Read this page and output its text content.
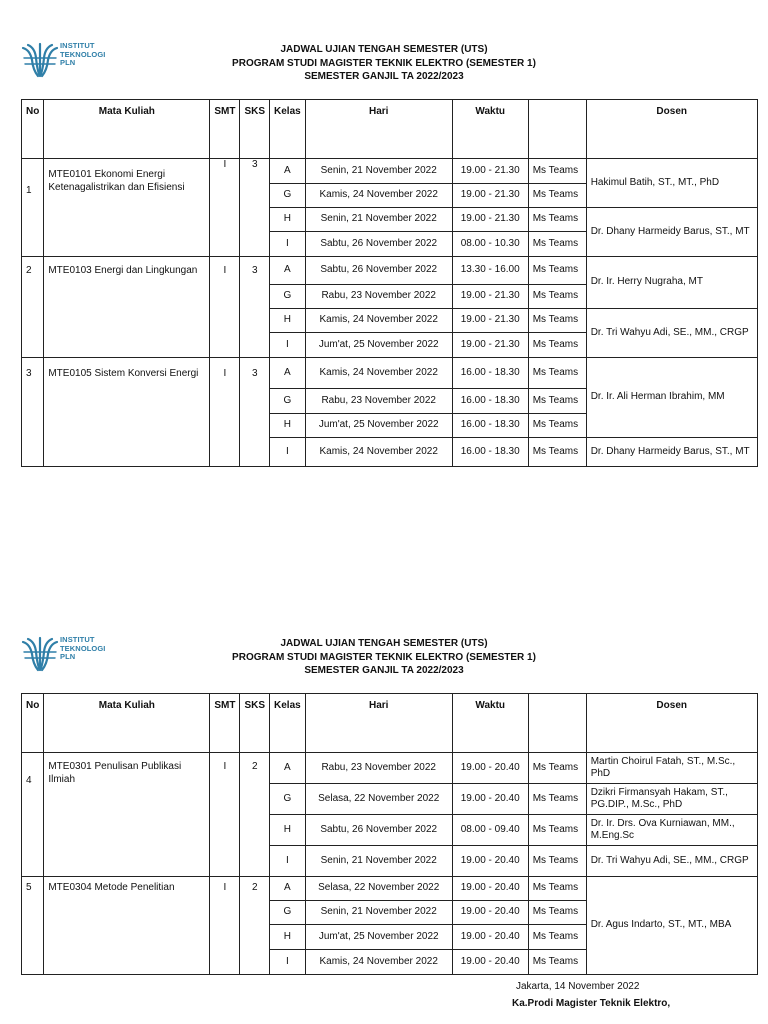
INSTITUT
TEKNOLOGI
PLN
JADWAL UJIAN TENGAH SEMESTER (UTS)
PROGRAM STUDI MAGISTER TEKNIK ELEKTRO (SEMESTER 1)
SEMESTER GANJIL TA 2022/2023
No	Mata Kuliah	SMT	SKS	Kelas	Hari	Waktu		Dosen
1	MTE0101 Ekonomi Energi Ketenagalistrikan dan Efisiensi	I	3	A	Senin, 21 November 2022	19.00 - 21.30	Ms Teams	Hakimul Batih, ST., MT., PhD
				G	Kamis, 24 November 2022	19.00 - 21.30	Ms Teams	
				H	Senin, 21 November 2022	19.00 - 21.30	Ms Teams	Dr. Dhany Harmeidy Barus, ST., MT
				I	Sabtu, 26 November 2022	08.00 - 10.30	Ms Teams	
2	MTE0103 Energi dan Lingkungan	I	3	A	Sabtu, 26 November 2022	13.30 - 16.00	Ms Teams	Dr. Ir. Herry Nugraha, MT
				G	Rabu, 23 November 2022	19.00 - 21.30	Ms Teams	
				H	Kamis, 24 November 2022	19.00 - 21.30	Ms Teams	Dr. Tri Wahyu Adi, SE., MM., CRGP
				I	Jum'at, 25 November 2022	19.00 - 21.30	Ms Teams	
3	MTE0105 Sistem Konversi Energi	I	3	A	Kamis, 24 November 2022	16.00 - 18.30	Ms Teams	Dr. Ir. Ali Herman Ibrahim, MM
				G	Rabu, 23 November 2022	16.00 - 18.30	Ms Teams	
				H	Jum'at, 25 November 2022	16.00 - 18.30	Ms Teams	
				I	Kamis, 24 November 2022	16.00 - 18.30	Ms Teams	Dr. Dhany Harmeidy Barus, ST., MT
INSTITUT
TEKNOLOGI
PLN
JADWAL UJIAN TENGAH SEMESTER (UTS)
PROGRAM STUDI MAGISTER TEKNIK ELEKTRO (SEMESTER 1)
SEMESTER GANJIL TA 2022/2023
No	Mata Kuliah	SMT	SKS	Kelas	Hari	Waktu		Dosen
4	MTE0301 Penulisan Publikasi Ilmiah	I	2	A	Rabu, 23 November 2022	19.00 - 20.40	Ms Teams	Martin Choirul Fatah, ST., M.Sc., PhD
				G	Selasa, 22 November 2022	19.00 - 20.40	Ms Teams	Dzikri Firmansyah Hakam, ST., PG.DIP., M.Sc., PhD
				H	Sabtu, 26 November 2022	08.00 - 09.40	Ms Teams	Dr. Ir. Drs. Ova Kurniawan, MM., M.Eng.Sc
				I	Senin, 21 November 2022	19.00 - 20.40	Ms Teams	Dr. Tri Wahyu Adi, SE., MM., CRGP
5	MTE0304 Metode Penelitian	I	2	A	Selasa, 22 November 2022	19.00 - 20.40	Ms Teams	Dr. Agus Indarto, ST., MT., MBA
				G	Senin, 21 November 2022	19.00 - 20.40	Ms Teams	
				H	Jum'at, 25 November 2022	19.00 - 20.40	Ms Teams	
				I	Kamis, 24 November 2022	19.00 - 20.40	Ms Teams	
Jakarta, 14 November 2022
Ka.Prodi Magister Teknik Elektro,
